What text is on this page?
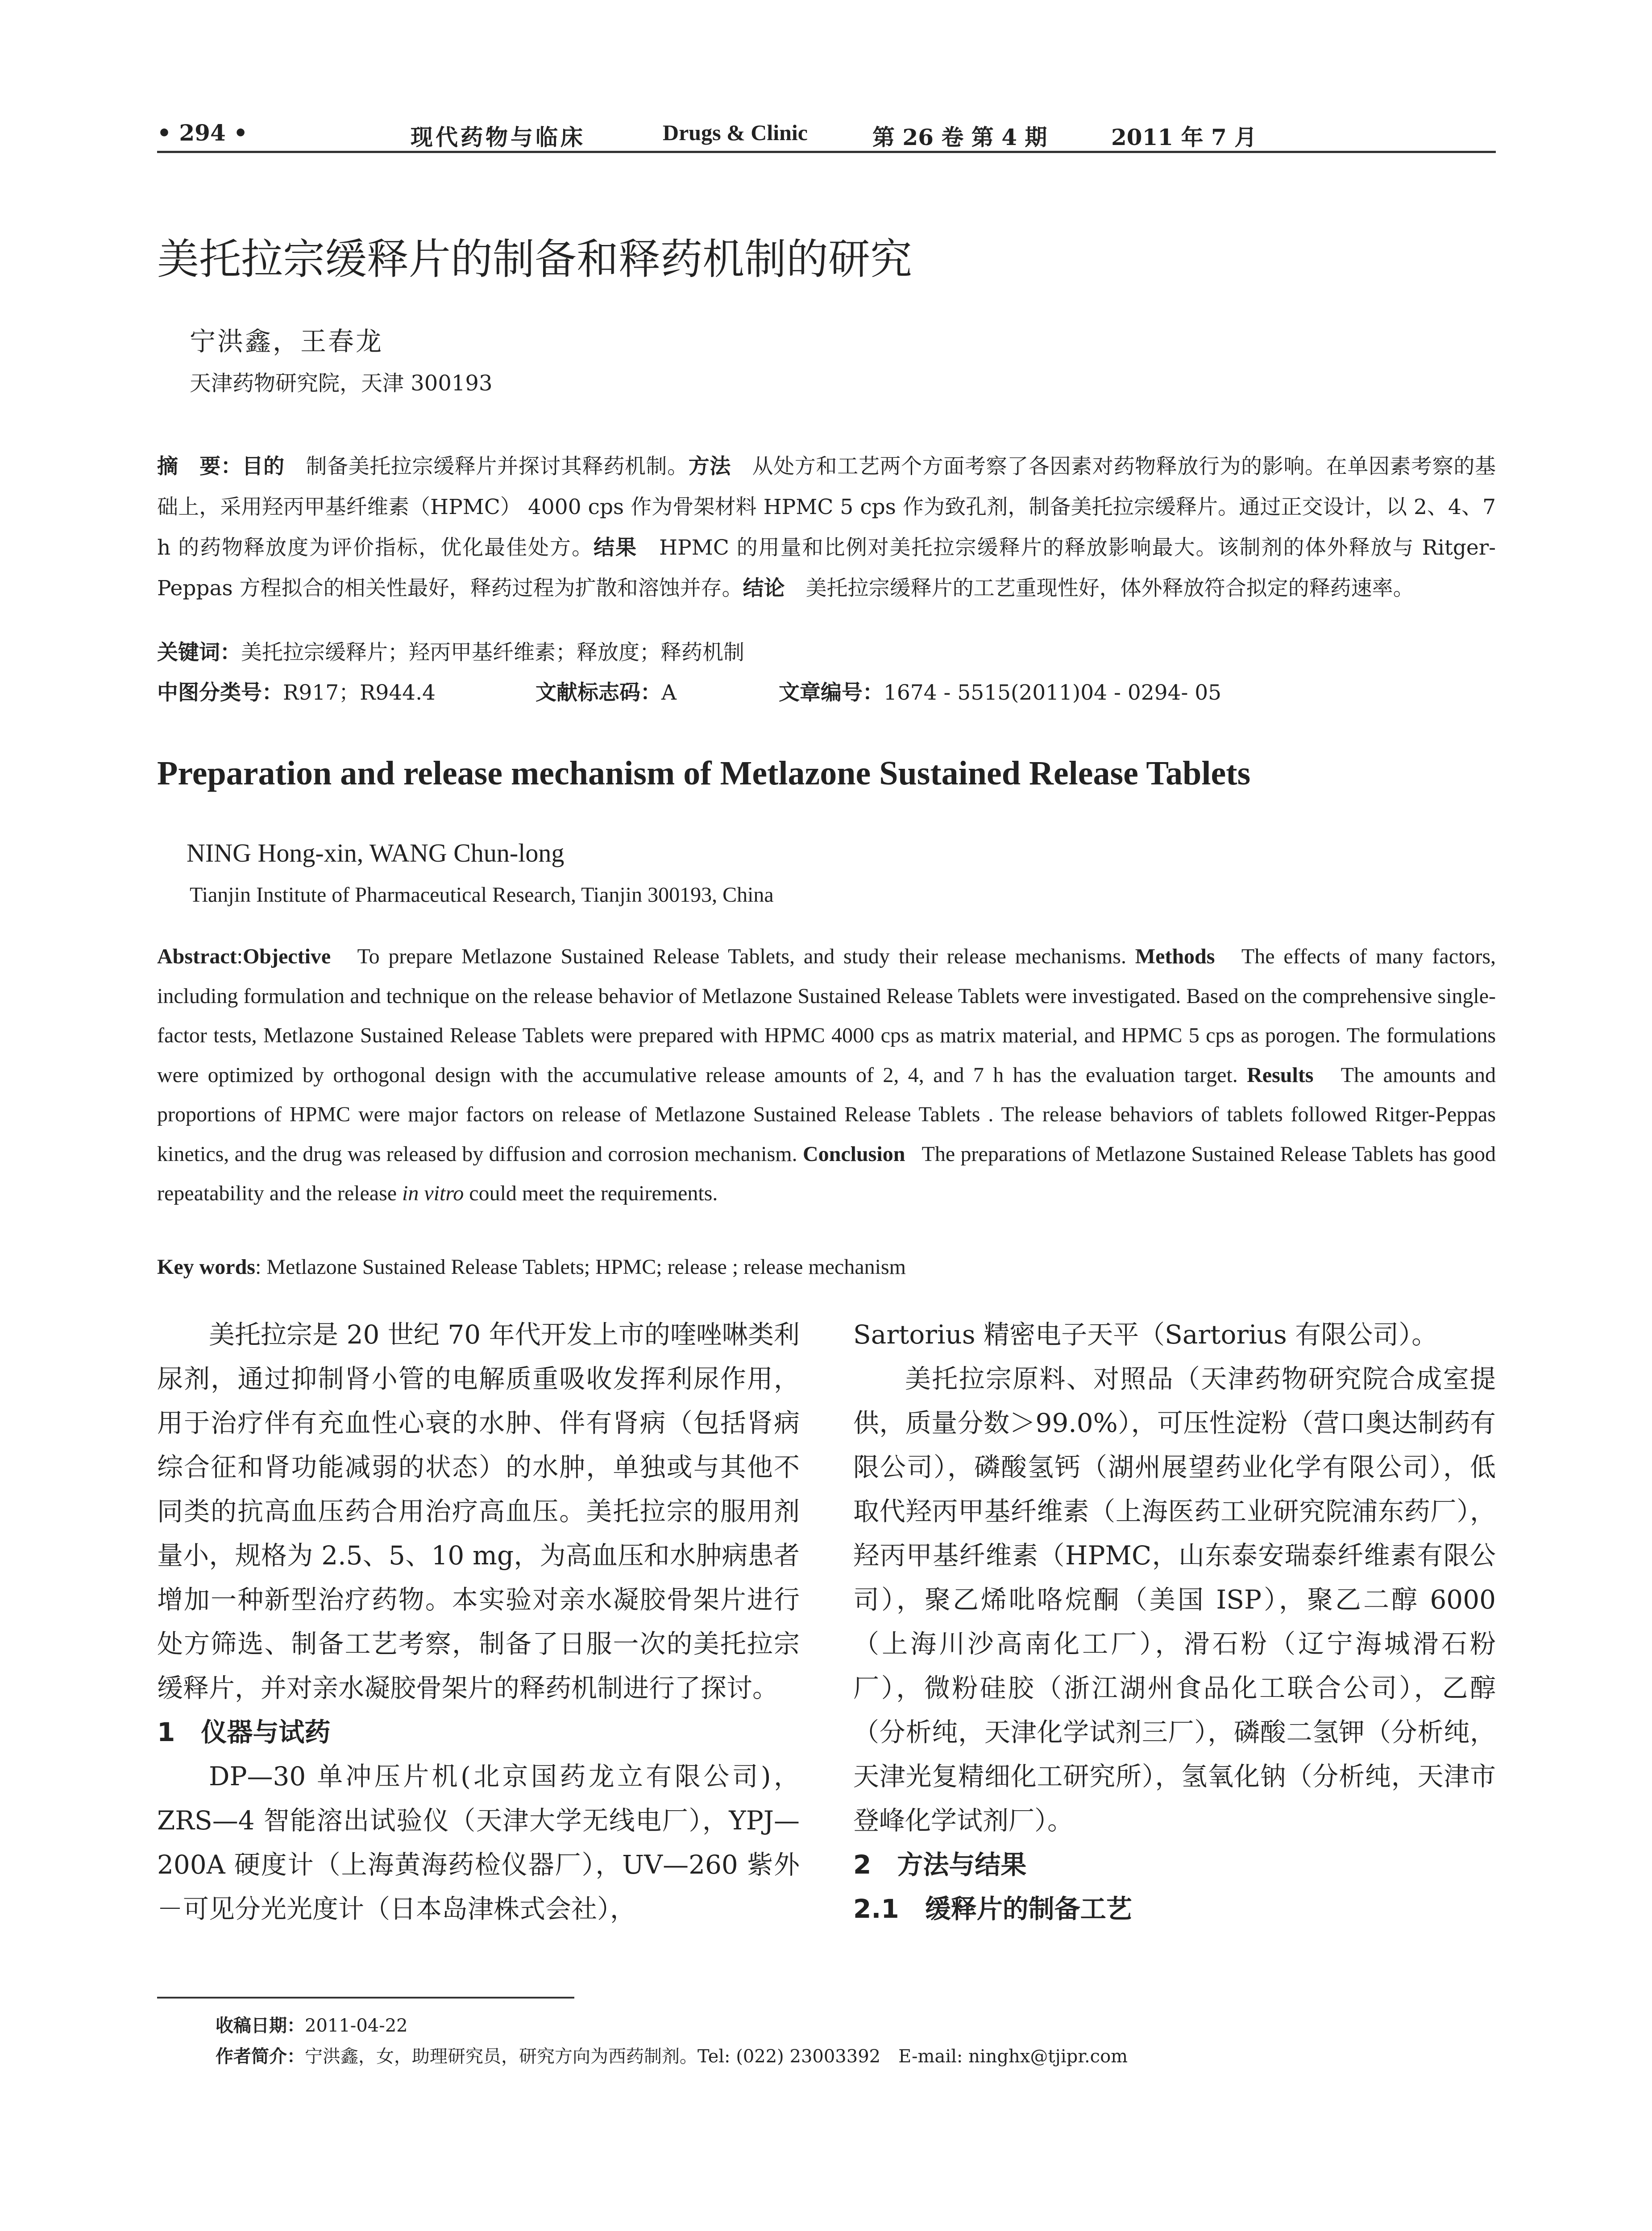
• 294 •	现代药物与临床	Drugs & Clinic	第 26 卷 第 4 期	2011 年 7 月
美托拉宗缓释片的制备和释药机制的研究
宁洪鑫，王春龙
天津药物研究院，天津 300193
摘　要：目的　 制备美托拉宗缓释片并探讨其释药机制。方法　 从处方和工艺两个方面考察了各因素对药物释放行为的影响。在单因素考察的基础上，采用羟丙甲基纤维素（HPMC） 4000 cps 作为骨架材料 HPMC 5 cps 作为致孔剂，制备美托拉宗缓释片。通过正交设计，以 2、4、7 h 的药物释放度为评价指标，优化最佳处方。结果　 HPMC 的用量和比例对美托拉宗缓释片的释放影响最大。该制剂的体外释放与 Ritger-Peppas 方程拟合的相关性最好，释药过程为扩散和溶蚀并存。结论　 美托拉宗缓释片的工艺重现性好，体外释放符合拟定的释药速率。
关键词：美托拉宗缓释片；羟丙甲基纤维素；释放度；释药机制
中图分类号：R917；R944.4	文献标志码：A	文章编号：1674 - 5515(2011)04 - 0294- 05
Preparation and release mechanism of Metlazone Sustained Release Tablets
NING Hong-xin, WANG Chun-long
Tianjin Institute of Pharmaceutical Research, Tianjin 300193, China
Abstract:Objective To prepare Metlazone Sustained Release Tablets, and study their release mechanisms. Methods The effects of many factors, including formulation and technique on the release behavior of Metlazone Sustained Release Tablets were investigated. Based on the comprehensive single-factor tests, Metlazone Sustained Release Tablets were prepared with HPMC 4000 cps as matrix material, and HPMC 5 cps as porogen. The formulations were optimized by orthogonal design with the accumulative release amounts of 2, 4, and 7 h has the evaluation target. Results The amounts and proportions of HPMC were major factors on release of Metlazone Sustained Release Tablets . The release behaviors of tablets followed Ritger-Peppas kinetics, and the drug was released by diffusion and corrosion mechanism. Conclusion The preparations of Metlazone Sustained Release Tablets has good repeatability and the release in vitro could meet the requirements.
Key words: Metlazone Sustained Release Tablets; HPMC; release ; release mechanism

美托拉宗是 20 世纪 70 年代开发上市的喹唑啉类利尿剂，通过抑制肾小管的电解质重吸收发挥利尿作用，用于治疗伴有充血性心衰的水肿、伴有肾病（包括肾病综合征和肾功能减弱的状态）的水肿，单独或与其他不同类的抗高血压药合用治疗高血压。美托拉宗的服用剂量小，规格为 2.5、5、10 mg，为高血压和水肿病患者增加一种新型治疗药物。本实验对亲水凝胶骨架片进行处方筛选、制备工艺考察，制备了日服一次的美托拉宗缓释片，并对亲水凝胶骨架片的释药机制进行了探讨。

1　仪器与试药

DP—30 单冲压片机(北京国药龙立有限公司)，ZRS—4 智能溶出试验仪（天津大学无线电厂），YPJ—200A 硬度计（上海黄海药检仪器厂），UV—260 紫外－可见分光光度计（日本岛津株式会社），

Sartorius 精密电子天平（Sartorius 有限公司）。

美托拉宗原料、对照品（天津药物研究院合成室提供，质量分数＞99.0%），可压性淀粉（营口奥达制药有限公司），磷酸氢钙（湖州展望药业化学有限公司），低取代羟丙甲基纤维素（上海医药工业研究院浦东药厂），羟丙甲基纤维素（HPMC，山东泰安瑞泰纤维素有限公司），聚乙烯吡咯烷酮（美国 ISP），聚乙二醇 6000（上海川沙高南化工厂），滑石粉（辽宁海城滑石粉厂），微粉硅胶（浙江湖州食品化工联合公司），乙醇（分析纯，天津化学试剂三厂），磷酸二氢钾（分析纯，天津光复精细化工研究所），氢氧化钠（分析纯，天津市登峰化学试剂厂）。

2　方法与结果

2.1　缓释片的制备工艺

收稿日期：2011-04-22
作者简介：宁洪鑫，女，助理研究员，研究方向为西药制剂。Tel: (022) 23003392　E-mail: ninghx@tjipr.com
